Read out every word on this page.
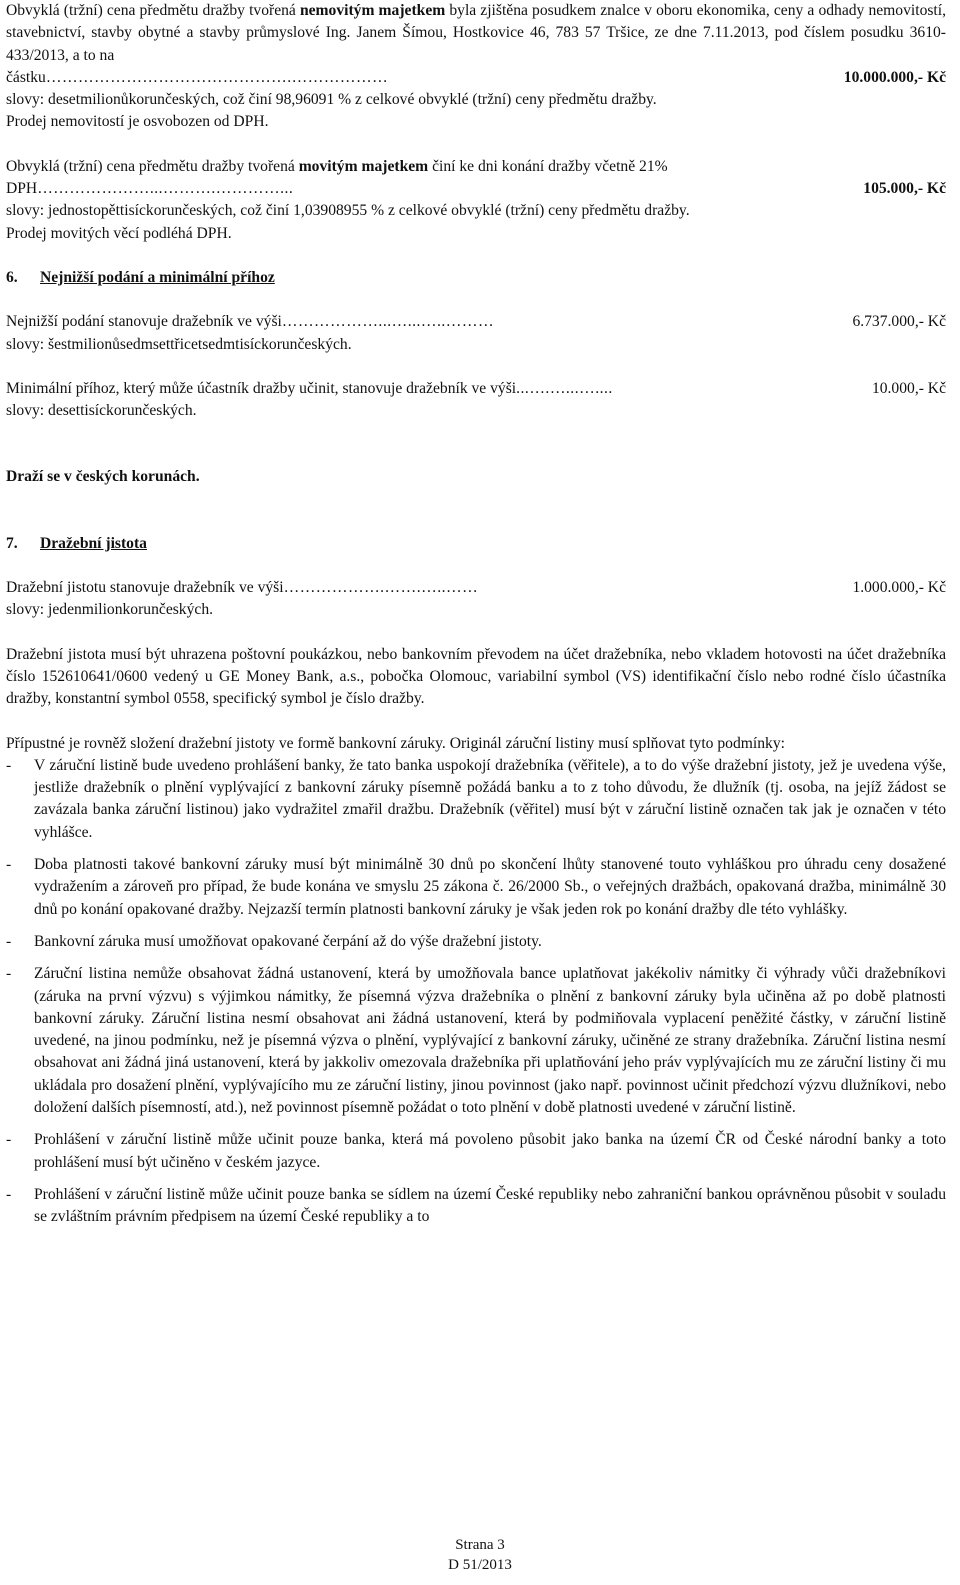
Obvyklá (tržní) cena předmětu dražby tvořená nemovitým majetkem byla zjištěna posudkem znalce v oboru ekonomika, ceny a odhady nemovitostí, stavebnictví, stavby obytné a stavby průmyslové Ing. Janem Šímou, Hostkovice 46, 783 57 Tršice, ze dne 7.11.2013, pod číslem posudku 3610-433/2013, a to na

částku ……………………………………….………………	10.000.000,- Kč

slovy: desetmilionůkorunčeských, což činí 98,96091 % z celkové obvyklé (tržní) ceny předmětu dražby.

Prodej nemovitostí je osvobozen od DPH.

Obvyklá (tržní) cena předmětu dražby tvořená movitým majetkem činí ke dni konání dražby včetně 21%

DPH …………………...……….…………...	105.000,- Kč

slovy: jednostopěttisíckorunčeských, což činí 1,03908955 % z celkové obvyklé (tržní) ceny předmětu dražby.

Prodej movitých věcí podléhá DPH.

6. Nejnižší podání a minimální příhoz
Nejnižší podání stanovuje dražebník ve výši ………………...…...…..………	6.737.000,- Kč

slovy: šestmilionůsedmsettřicetsedmtisíckorunčeských.

Minimální příhoz, který může účastník dražby učinit, stanovuje dražebník ve výši ...….…...…....	10.000,- Kč

slovy: desettisíckorunčeských.

Draží se v českých korunách.

7. Dražební jistota
Dražební jistotu stanovuje dražebník ve výši ……………….…….…..……	1.000.000,- Kč

slovy: jedenmilionkorunčeských.

Dražební jistota musí být uhrazena poštovní poukázkou, nebo bankovním převodem na účet dražebníka, nebo vkladem hotovosti na účet dražebníka číslo 152610641/0600 vedený u GE Money Bank, a.s., pobočka Olomouc, variabilní symbol (VS) identifikační číslo nebo rodné číslo účastníka dražby, konstantní symbol 0558, specifický symbol je číslo dražby.

Přípustné je rovněž složení dražební jistoty ve formě bankovní záruky. Originál záruční listiny musí splňovat tyto podmínky:

-	V záruční listině bude uvedeno prohlášení banky, že tato banka uspokojí dražebníka (věřitele), a to do výše dražební jistoty, jež je uvedena výše, jestliže dražebník o plnění vyplývající z bankovní záruky písemně požádá banku a to z toho důvodu, že dlužník (tj. osoba, na jejíž žádost se zavázala banka záruční listinou) jako vydražitel zmařil dražbu. Dražebník (věřitel) musí být v záruční listině označen tak jak je označen v této vyhlášce.
-	Doba platnosti takové bankovní záruky musí být minimálně 30 dnů po skončení lhůty stanovené touto vyhláškou pro úhradu ceny dosažené vydražením a zároveň pro případ, že bude konána ve smyslu 25 zákona č. 26/2000 Sb., o veřejných dražbách, opakovaná dražba, minimálně 30 dnů po konání opakované dražby. Nejzazší termín platnosti bankovní záruky je však jeden rok po konání dražby dle této vyhlášky.
-	Bankovní záruka musí umožňovat opakované čerpání až do výše dražební jistoty.
-	Záruční listina nemůže obsahovat žádná ustanovení, která by umožňovala bance uplatňovat jakékoliv námitky či výhrady vůči dražebníkovi (záruka na první výzvu) s výjimkou námitky, že písemná výzva dražebníka o plnění z bankovní záruky byla učiněna až po době platnosti bankovní záruky. Záruční listina nesmí obsahovat ani žádná ustanovení, která by podmiňovala vyplacení peněžité částky, v záruční listině uvedené, na jinou podmínku, než je písemná výzva o plnění, vyplývající z bankovní záruky, učiněné ze strany dražebníka. Záruční listina nesmí obsahovat ani žádná jiná ustanovení, která by jakkoliv omezovala dražebníka při uplatňování jeho práv vyplývajících mu ze záruční listiny či mu ukládala pro dosažení plnění, vyplývajícího mu ze záruční listiny, jinou povinnost (jako např. povinnost učinit předchozí výzvu dlužníkovi, nebo doložení dalších písemností, atd.), než povinnost písemně požádat o toto plnění v době platnosti uvedené v záruční listině.
-	Prohlášení v záruční listině může učinit pouze banka, která má povoleno působit jako banka na území ČR od České národní banky a toto prohlášení musí být učiněno v českém jazyce.
-	Prohlášení v záruční listině může učinit pouze banka se sídlem na území České republiky nebo zahraniční bankou oprávněnou působit v souladu se zvláštním právním předpisem na území České republiky a to
Strana 3
D 51/2013
